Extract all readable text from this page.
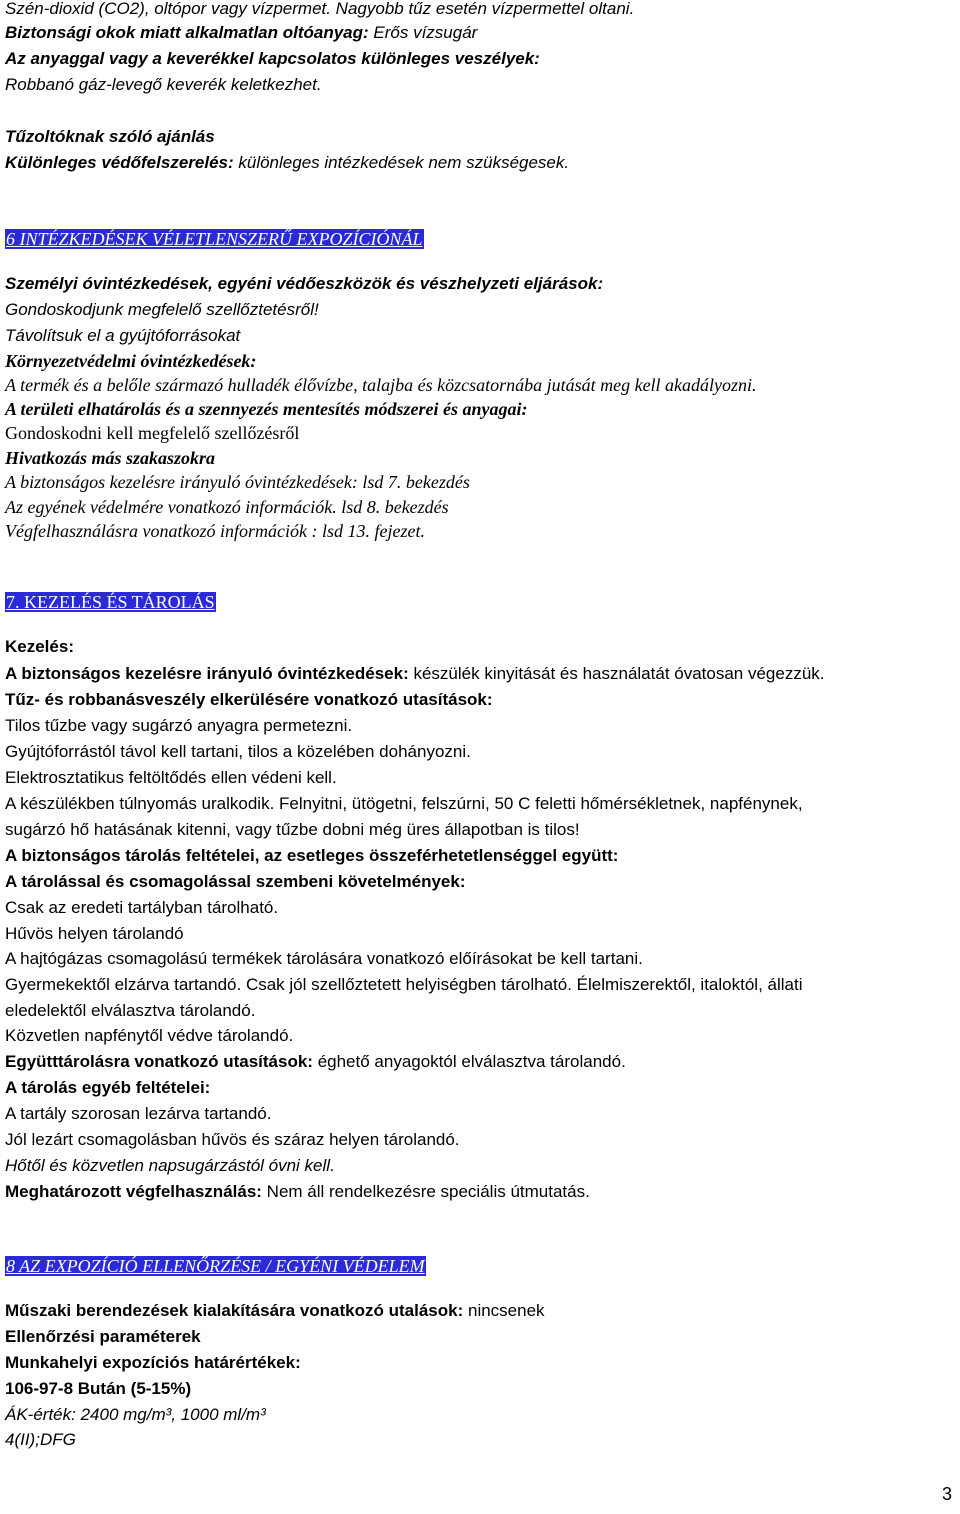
Szén-dioxid (CO2), oltópor vagy vízpermet. Nagyobb tűz esetén vízpermettel oltani.
Biztonsági okok miatt alkalmatlan oltóanyag: Erős vízsugár
Az anyaggal vagy a keverékkel kapcsolatos különleges veszélyek:
Robbanó gáz-levegő keverék keletkezhet.
Tűzoltóknak szóló ajánlás
Különleges védőfelszerelés: különleges intézkedések nem szükségesek.
6 INTÉZKEDÉSEK VÉLETLENSZERŰ EXPOZÍCIÓNÁL
Személyi óvintézkedések, egyéni védőeszközök és vészhelyzeti eljárások:
Gondoskodjunk megfelelő szellőztetésről!
Távolítsuk el a gyújtóforrásokat
Környezetvédelmi óvintézkedések:
A termék és a belőle származó hulladék élővízbe, talajba és közcsatornába jutását meg kell akadályozni.
A területi elhatárolás és a szennyezés mentesítés módszerei és anyagai:
Gondoskodni kell megfelelő szellőzésről
Hivatkozás más szakaszokra
A biztonságos kezelésre irányuló óvintézkedések: lsd 7. bekezdés
Az egyének védelmére vonatkozó információk. lsd 8. bekezdés
Végfelhasználásra vonatkozó információk : lsd 13. fejezet.
7. KEZELÉS ÉS TÁROLÁS
Kezelés:
A biztonságos kezelésre irányuló óvintézkedések: készülék kinyitását és használatát óvatosan végezzük.
Tűz- és robbanásveszély elkerülésére vonatkozó utasítások:
Tilos tűzbe vagy sugárzó anyagra permetezni.
Gyújtóforrástól távol kell tartani, tilos a közelében dohányozni.
Elektrosztatikus feltöltődés ellen védeni kell.
A készülékben túlnyomás uralkodik. Felnyitni, ütögetni, felszúrni, 50 C feletti hőmérsékletnek, napfénynek,
sugárzó hő hatásának kitenni, vagy tűzbe dobni még üres állapotban is tilos!
A biztonságos tárolás feltételei, az esetleges összeférhetetlenséggel együtt:
A tárolással és csomagolással szembeni követelmények:
Csak az eredeti tartályban tárolható.
Hűvös helyen tárolandó
A hajtógázas csomagolású termékek tárolására vonatkozó előírásokat be kell tartani.
Gyermekektől elzárva tartandó. Csak jól szellőztetett helyiségben tárolható. Élelmiszerektől, italoktól, állati
eledelektől elválasztva tárolandó.
Közvetlen napfénytől védve tárolandó.
Együtttárolásra vonatkozó utasítások: éghető anyagoktól elválasztva tárolandó.
A tárolás egyéb feltételei:
A tartály szorosan lezárva tartandó.
Jól lezárt csomagolásban hűvös és száraz helyen tárolandó.
Hőtől és közvetlen napsugárzástól óvni kell.
Meghatározott végfelhasználás: Nem áll rendelkezésre speciális útmutatás.
8 AZ EXPOZÍCIÓ ELLENŐRZÉSE / EGYÉNI VÉDELEM
Műszaki berendezések kialakítására vonatkozó utalások: nincsenek
Ellenőrzési paraméterek
Munkahelyi expozíciós határértékek:
106-97-8 Bután (5-15%)
ÁK-érték: 2400 mg/m³, 1000 ml/m³
4(II);DFG
3
